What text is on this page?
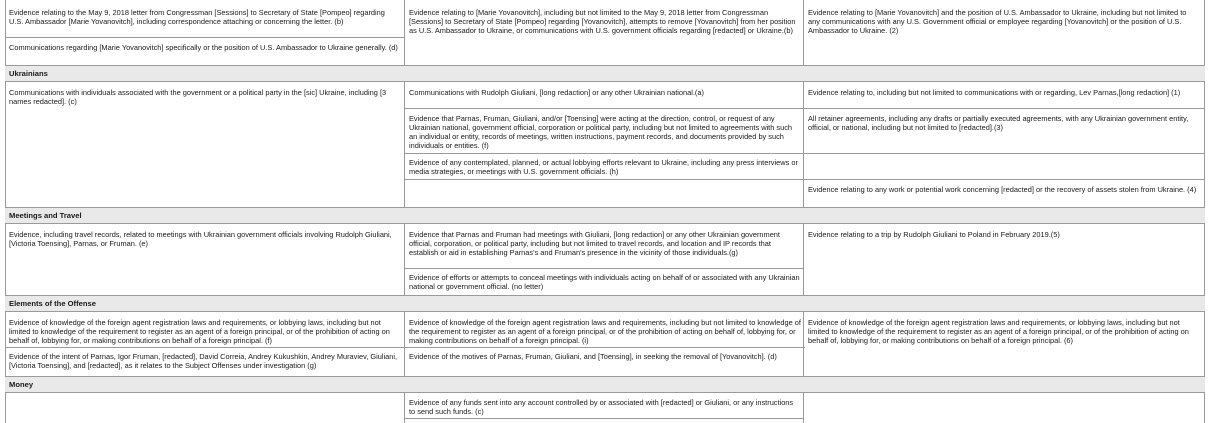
Evidence relating to the May 9, 2018 letter from Congressman [Sessions] to Secretary of State [Pompeo] regarding U.S. Ambassador [Marie Yovanovitch], including correspondence attaching or concerning the letter. (b)
Communications regarding [Marie Yovanovitch] specifically or the position of U.S. Ambassador to Ukraine generally. (d)
Evidence relating to [Marie Yovanovitch], including but not limited to the May 9, 2018 letter from Congressman [Sessions] to Secretary of State [Pompeo] regarding [Yovanovitch], attempts to remove [Yovanovitch] from her position as U.S. Ambassador to Ukraine, or communications with U.S. government officials regarding [redacted] or Ukraine.(b)
Evidence relating to [Marie Yovanovitch] and the position of U.S. Ambassador to Ukraine, including but not limited to any communications with any U.S. Government official or employee regarding [Yovanovitch] or the position of U.S. Ambassador to Ukraine. (2)
Ukrainians
Communications with individuals associated with the government or a political party in the [sic] Ukraine, including [3 names redacted]. (c)
Communications with Rudolph Giuliani, [long redaction] or any other Ukrainian national.(a)
Evidence that Parnas, Fruman, Giuliani, and/or [Toensing] were acting at the direction, control, or request of any Ukrainian national, government official, corporation or political party, including but not limited to agreements with such an individual or entity, records of meetings, written instructions, payment records, and documents provided by such individuals or entities. (f)
Evidence of any contemplated, planned, or actual lobbying efforts relevant to Ukraine, including any press interviews or media strategies, or meetings with U.S. government officials. (h)
Evidence relating to, including but not limited to communications with or regarding, Lev Parnas,[long redaction] (1)
All retainer agreements, including any drafts or partially executed agreements, with any Ukrainian government entity, official, or national, including but not limited to [redacted].(3)
Evidence relating to any work or potential work concerning [redacted] or the recovery of assets stolen from Ukraine. (4)
Meetings and Travel
Evidence, including travel records, related to meetings with Ukrainian government officials involving Rudolph Giuliani, [Victoria Toensing], Parnas, or Fruman. (e)
Evidence that Parnas and Fruman had meetings with Giuliani, [long redaction] or any other Ukrainian government official, corporation, or political party, including but not limited to travel records, and location and IP records that establish or aid in establishing Parnas's and Fruman's presence in the vicinity of those individuals.(g)
Evidence of efforts or attempts to conceal meetings with individuals acting on behalf of or associated with any Ukrainian national or government official. (no letter)
Evidence relating to a trip by Rudolph Giuliani to Poland in February 2019.(5)
Elements of the Offense
Evidence of knowledge of the foreign agent registration laws and requirements, or lobbying laws, including but not limited to knowledge of the requirement to register as an agent of a foreign principal, or of the prohibition of acting on behalf of, lobbying for, or making contributions on behalf of a foreign principal. (f)
Evidence of the intent of Parnas, Igor Fruman, [redacted], David Correia, Andrey Kukushkin, Andrey Muraviev, Giuliani, [Victoria Toensing], and [redacted], as it relates to the Subject Offenses under investigation (g)
Evidence of knowledge of the foreign agent registration laws and requirements, including but not limited to knowledge of the requirement to register as an agent of a foreign principal, or of the prohibition of acting on behalf of, lobbying for, or making contributions on behalf of a foreign principal. (i)
Evidence of the motives of Parnas, Fruman, Giuliani, and [Toensing], in seeking the removal of [Yovanovitch]. (d)
Evidence of knowledge of the foreign agent registration laws and requirements, or lobbying laws, including but not limited to knowledge of the requirement to register as an agent of a foreign principal, or of the prohibition of acting on behalf of, lobbying for, or making contributions on behalf of a foreign principal. (6)
Money
Evidence of any funds sent into any account controlled by or associated with [redacted] or Giuliani, or any instructions to send such funds. (c)
